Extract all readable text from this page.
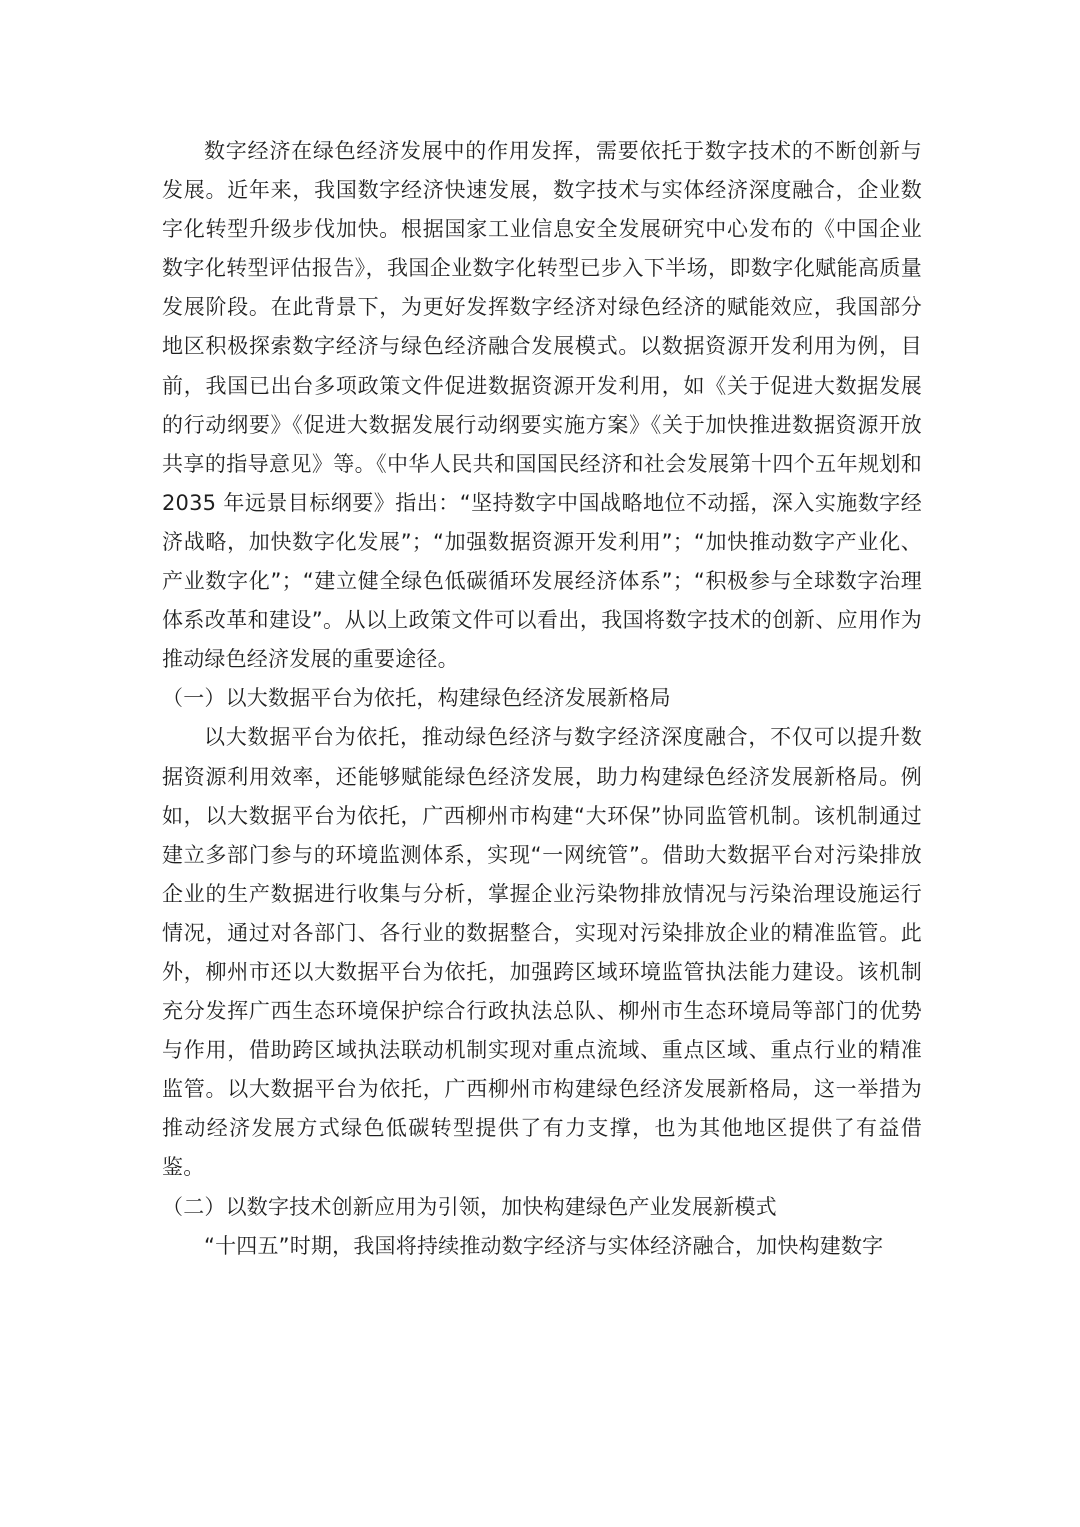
数字经济在绿色经济发展中的作用发挥，需要依托于数字技术的不断创新与发展。近年来，我国数字经济快速发展，数字技术与实体经济深度融合，企业数字化转型升级步伐加快。根据国家工业信息安全发展研究中心发布的《中国企业数字化转型评估报告》，我国企业数字化转型已步入下半场，即数字化赋能高质量发展阶段。在此背景下，为更好发挥数字经济对绿色经济的赋能效应，我国部分地区积极探索数字经济与绿色经济融合发展模式。以数据资源开发利用为例，目前，我国已出台多项政策文件促进数据资源开发利用，如《关于促进大数据发展的行动纲要》《促进大数据发展行动纲要实施方案》《关于加快推进数据资源开放共享的指导意见》等。《中华人民共和国国民经济和社会发展第十四个五年规划和 2035 年远景目标纲要》指出：“坚持数字中国战略地位不动摇，深入实施数字经济战略，加快数字化发展”；“加强数据资源开发利用”；“加快推动数字产业化、产业数字化”；“建立健全绿色低碳循环发展经济体系”；“积极参与全球数字治理体系改革和建设”。从以上政策文件可以看出，我国将数字技术的创新、应用作为推动绿色经济发展的重要途径。

（一）以大数据平台为依托，构建绿色经济发展新格局

以大数据平台为依托，推动绿色经济与数字经济深度融合，不仅可以提升数据资源利用效率，还能够赋能绿色经济发展，助力构建绿色经济发展新格局。例如，以大数据平台为依托，广西柳州市构建“大环保”协同监管机制。该机制通过建立多部门参与的环境监测体系，实现“一网统管”。借助大数据平台对污染排放企业的生产数据进行收集与分析，掌握企业污染物排放情况与污染治理设施运行情况，通过对各部门、各行业的数据整合，实现对污染排放企业的精准监管。此外，柳州市还以大数据平台为依托，加强跨区域环境监管执法能力建设。该机制充分发挥广西生态环境保护综合行政执法总队、柳州市生态环境局等部门的优势与作用，借助跨区域执法联动机制实现对重点流域、重点区域、重点行业的精准监管。以大数据平台为依托，广西柳州市构建绿色经济发展新格局，这一举措为推动经济发展方式绿色低碳转型提供了有力支撑，也为其他地区提供了有益借鉴。

（二）以数字技术创新应用为引领，加快构建绿色产业发展新模式

“十四五”时期，我国将持续推动数字经济与实体经济融合，加快构建数字
